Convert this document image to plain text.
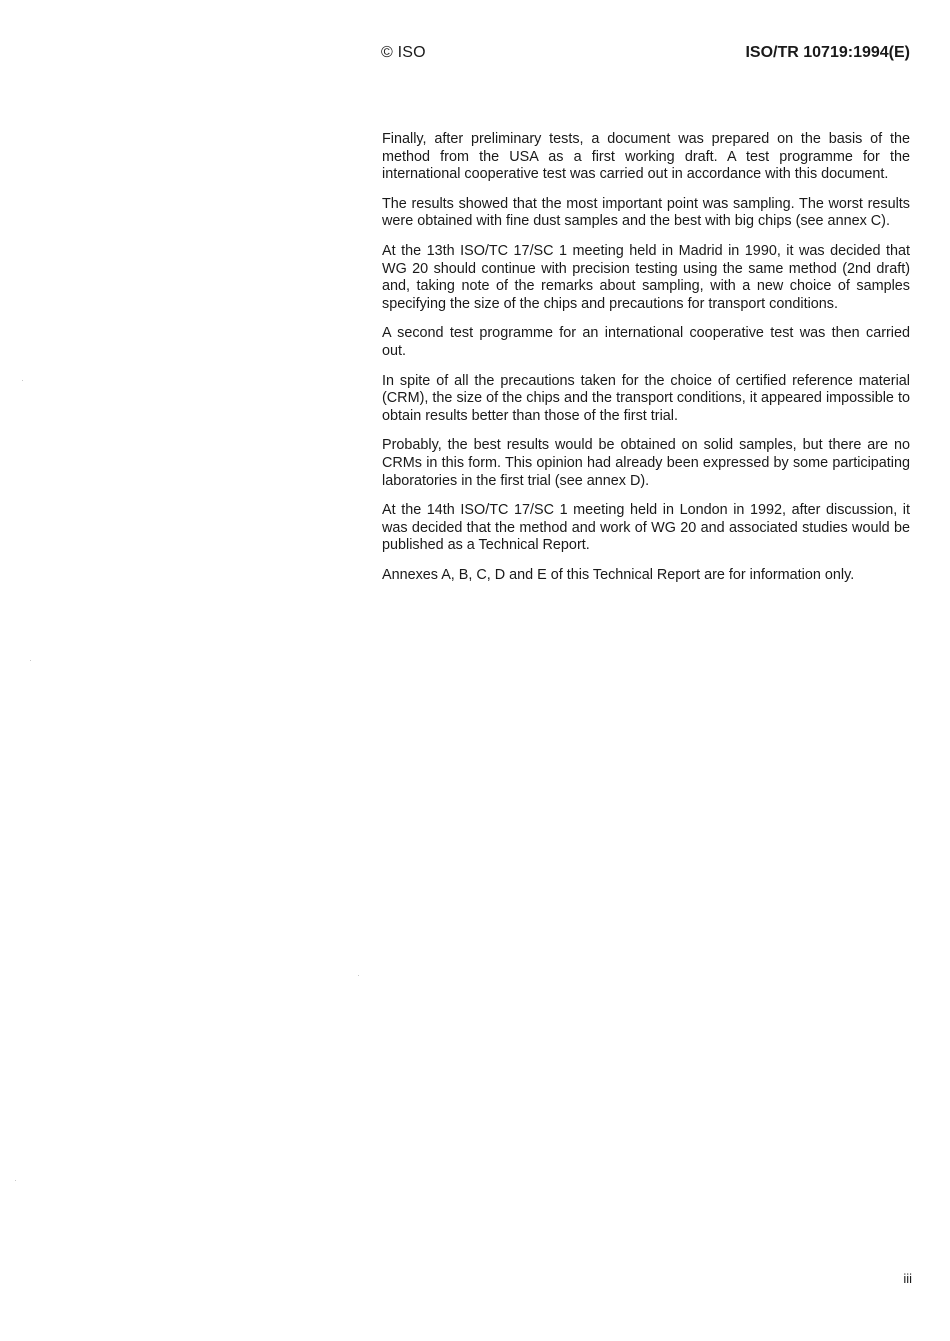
© ISO	ISO/TR 10719:1994(E)

Finally, after preliminary tests, a document was prepared on the basis of the method from the USA as a first working draft. A test programme for the international cooperative test was carried out in accordance with this document.

The results showed that the most important point was sampling. The worst results were obtained with fine dust samples and the best with big chips (see annex C).

At the 13th ISO/TC 17/SC 1 meeting held in Madrid in 1990, it was decided that WG 20 should continue with precision testing using the same method (2nd draft) and, taking note of the remarks about sampling, with a new choice of samples specifying the size of the chips and precautions for transport conditions.

A second test programme for an international cooperative test was then carried out.

In spite of all the precautions taken for the choice of certified reference material (CRM), the size of the chips and the transport conditions, it appeared impossible to obtain results better than those of the first trial.

Probably, the best results would be obtained on solid samples, but there are no CRMs in this form. This opinion had already been expressed by some participating laboratories in the first trial (see annex D).

At the 14th ISO/TC 17/SC 1 meeting held in London in 1992, after discussion, it was decided that the method and work of WG 20 and associated studies would be published as a Technical Report.

Annexes A, B, C, D and E of this Technical Report are for information only.

iii
